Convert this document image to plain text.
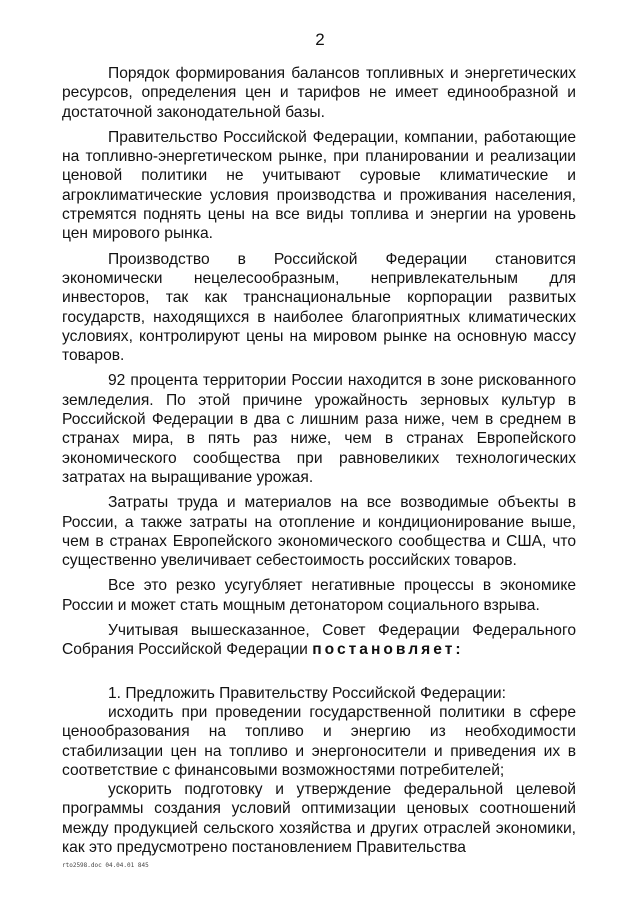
2

Порядок формирования балансов топливных и энергетических ресурсов, определения цен и тарифов не имеет единообразной и достаточной законодательной базы.

Правительство Российской Федерации, компании, работающие на топливно-энергетическом рынке, при планировании и реализации ценовой политики не учитывают суровые климатические и агроклиматические условия производства и проживания населения, стремятся поднять цены на все виды топлива и энергии на уровень цен мирового рынка.

Производство в Российской Федерации становится экономически нецелесообразным, непривлекательным для инвесторов, так как транснациональные корпорации развитых государств, находящихся в наиболее благоприятных климатических условиях, контролируют цены на мировом рынке на основную массу товаров.

92 процента территории России находится в зоне рискованного земледелия. По этой причине урожайность зерновых культур в Российской Федерации в два с лишним раза ниже, чем в среднем в странах мира, в пять раз ниже, чем в странах Европейского экономического сообщества при равновеликих технологических затратах на выращивание урожая.

Затраты труда и материалов на все возводимые объекты в России, а также затраты на отопление и кондиционирование выше, чем в странах Европейского экономического сообщества и США, что существенно увеличивает себестоимость российских товаров.

Все это резко усугубляет негативные процессы в экономике России и может стать мощным детонатором социального взрыва.

Учитывая вышесказанное, Совет Федерации Федерального Собрания Российской Федерации постановляет:

1. Предложить Правительству Российской Федерации:

исходить при проведении государственной политики в сфере ценообразования на топливо и энергию из необходимости стабилизации цен на топливо и энергоносители и приведения их в соответствие с финансовыми возможностями потребителей;

ускорить подготовку и утверждение федеральной целевой программы создания условий оптимизации ценовых соотношений между продукцией сельского хозяйства и других отраслей экономики, как это предусмотрено постановлением Правительства

rto2598.doc 04.04.01 845
